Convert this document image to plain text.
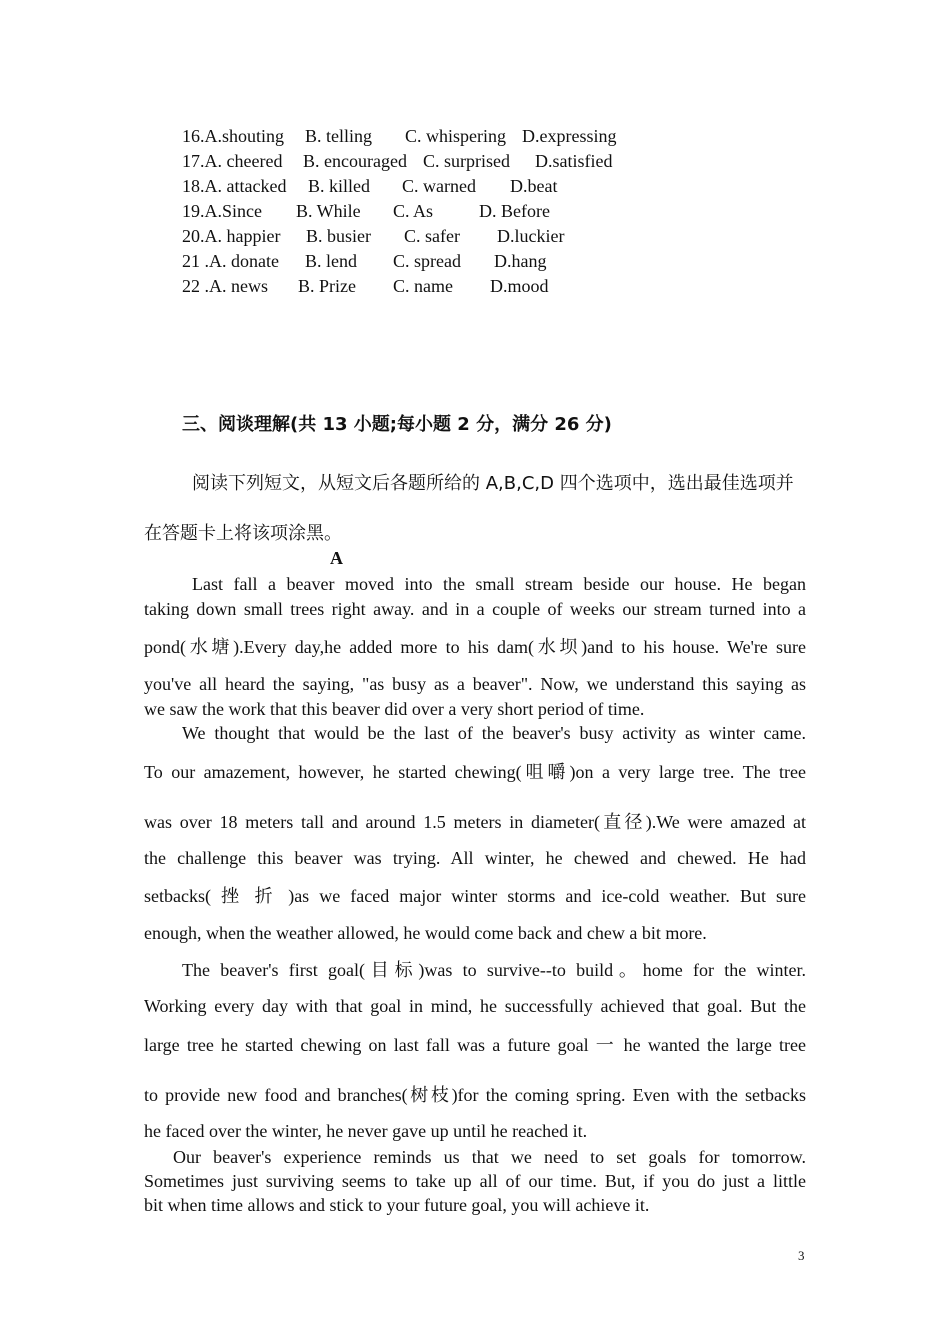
16.A.shouting	B. telling	C. whispering D.expressing
17.A. cheered	B. encouraged C. surprised	D.satisfied
18.A. attacked	B. killed	C. warned	D.beat
19.A.Since	B. While	C. As	D. Before
20.A. happier	B. busier	C. safer	D.luckier
21 .A. donate	B. lend	C. spread	D.hang
22 .A. news	B. Prize	C. name	D.mood
三、阅谈理解(共 13 小题;每小题 2 分，满分 26 分)
阅读下列短文，从短文后各题所给的 A,B,C,D 四个选项中，选出最佳选项并在答题卡上将该项涂黑。
A
　Last fall a beaver moved into the small stream beside our house. He began
taking down small trees right away. and in a couple of weeks our stream turned into a
pond(水塘).Every day,he added more to his dam(水坝)and to his house. We're sure
you've all heard the saying, "as busy as a beaver". Now, we understand this saying as
we saw the work that this beaver did over a very short period of time.
We thought that would be the last of the beaver's busy activity as winter came.
To our amazement, however, he started chewing(咀嚼)on a very large tree. The tree
was over 18 meters tall and around 1.5 meters in diameter(直径).We were amazed at
the challenge this beaver was trying. All winter, he chewed and chewed. He had
setbacks( 挫 折 )as we faced major winter storms and ice-cold weather. But sure
enough, when the weather allowed, he would come back and chew a bit more.
The beaver's first goal(目标)was to survive--to build。home for the winter.
Working every day with that goal in mind, he successfully achieved that goal. But the
large tree he started chewing on last fall was a future goal 一 he wanted the large tree
to provide new food and branches(树枝)for the coming spring. Even with the setbacks
he faced over the winter, he never gave up until he reached it.
Our beaver's experience reminds us that we need to set goals for tomorrow.
Sometimes just surviving seems to take up all of our time. But, if you do just a little
bit when time allows and stick to your future goal, you will achieve it.
3
